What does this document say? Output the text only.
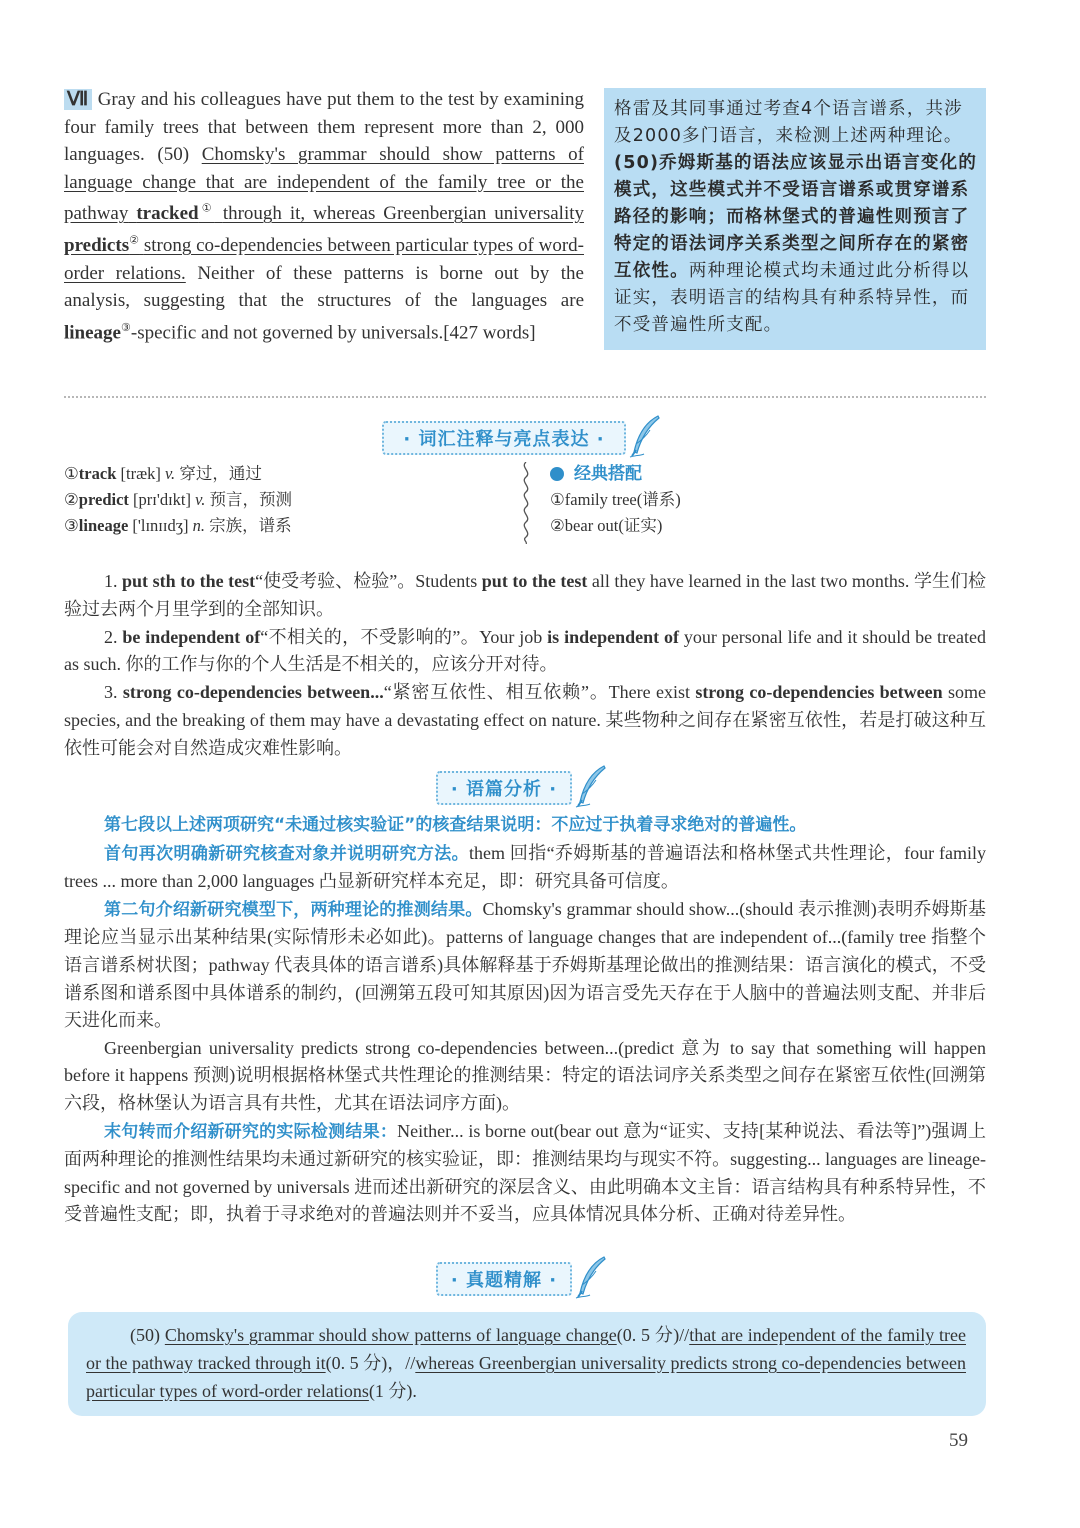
Ⅶ Gray and his colleagues have put them to the test by examining four family trees that between them represent more than 2, 000 languages. (50) Chomsky's grammar should show patterns of language change that are independent of the family tree or the pathway tracked① through it, whereas Greenbergian universality predicts② strong co-dependencies between particular types of word-order relations. Neither of these patterns is borne out by the analysis, suggesting that the structures of the languages are lineage③-specific and not governed by universals.[427 words]
格雷及其同事通过考查4个语言谱系，共涉及2000多门语言，来检测上述两种理论。(50)乔姆斯基的语法应该显示出语言变化的模式，这些模式并不受语言谱系或贯穿谱系路径的影响；而格林堡式的普遍性则预言了特定的语法词序关系类型之间所存在的紧密互依性。两种理论模式均未通过此分析得以证实，表明语言的结构具有种系特异性，而不受普遍性所支配。
· 词汇注释与亮点表达 ·
①track [træk] v. 穿过，通过
②predict [prɪ'dɪkt] v. 预言，预测
③lineage ['lɪnɪɪdʒ] n. 宗族，谱系
经典搭配
①family tree(谱系)
②bear out(证实)

1. put sth to the test“使受考验、检验”。Students put to the test all they have learned in the last two months. 学生们检验过去两个月里学到的全部知识。

2. be independent of“不相关的，不受影响的”。Your job is independent of your personal life and it should be treated as such. 你的工作与你的个人生活是不相关的，应该分开对待。

3. strong co-dependencies between...“紧密互依性、相互依赖”。There exist strong co-dependencies between some species, and the breaking of them may have a devastating effect on nature. 某些物种之间存在紧密互依性，若是打破这种互依性可能会对自然造成灾难性影响。

· 语篇分析 ·

第七段以上述两项研究“未通过核实验证”的核查结果说明：不应过于执着寻求绝对的普遍性。

首句再次明确新研究核查对象并说明研究方法。them 回指“乔姆斯基的普遍语法和格林堡式共性理论，four family trees ... more than 2,000 languages 凸显新研究样本充足，即：研究具备可信度。

第二句介绍新研究模型下，两种理论的推测结果。Chomsky's grammar should show...(should 表示推测)表明乔姆斯基理论应当显示出某种结果(实际情形未必如此)。patterns of language changes that are independent of...(family tree 指整个语言谱系树状图；pathway 代表具体的语言谱系)具体解释基于乔姆斯基理论做出的推测结果：语言演化的模式，不受谱系图和谱系图中具体谱系的制约，(回溯第五段可知其原因)因为语言受先天存在于人脑中的普遍法则支配、并非后天进化而来。

Greenbergian universality predicts strong co-dependencies between...(predict 意为 to say that something will happen before it happens 预测)说明根据格林堡式共性理论的推测结果：特定的语法词序关系类型之间存在紧密互依性(回溯第六段，格林堡认为语言具有共性，尤其在语法词序方面)。

末句转而介绍新研究的实际检测结果：Neither... is borne out(bear out 意为“证实、支持[某种说法、看法等]”)强调上面两种理论的推测性结果均未通过新研究的核实验证，即：推测结果均与现实不符。suggesting... languages are lineage-specific and not governed by universals 进而述出新研究的深层含义、由此明确本文主旨：语言结构具有种系特异性，不受普遍性支配；即，执着于寻求绝对的普遍法则并不妥当，应具体情况具体分析、正确对待差异性。

· 真题精解 ·

(50) Chomsky's grammar should show patterns of language change(0. 5 分)//that are independent of the family tree or the pathway tracked through it(0. 5 分)，//whereas Greenbergian universality predicts strong co-dependencies between particular types of word-order relations(1 分).

59
